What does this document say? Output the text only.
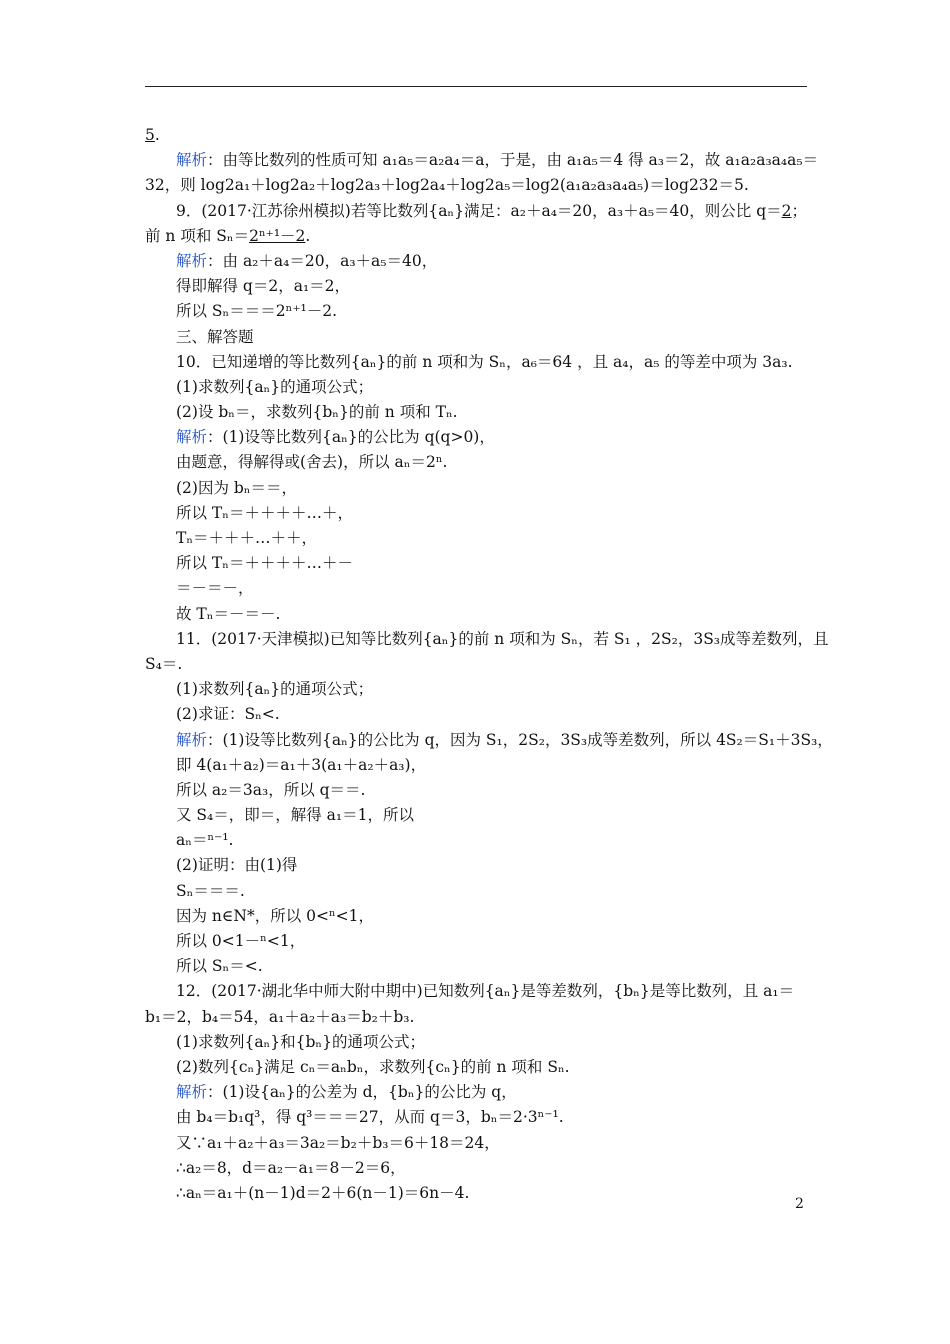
5.
解析：由等比数列的性质可知 a₁a₅＝a₂a₄＝a，于是，由 a₁a₅＝4 得 a₃＝2，故 a₁a₂a₃a₄a₅＝
32，则 log2a₁＋log2a₂＋log2a₃＋log2a₄＋log2a₅＝log2(a₁a₂a₃a₄a₅)＝log232＝5.
9．(2017·江苏徐州模拟)若等比数列{aₙ}满足：a₂＋a₄＝20，a₃＋a₅＝40，则公比 q＝2；
前 n 项和 Sₙ＝2ⁿ⁺¹－2.
解析：由 a₂＋a₄＝20，a₃＋a₅＝40，
得即解得 q＝2，a₁＝2，
所以 Sₙ＝＝＝2ⁿ⁺¹－2.
三、解答题
10．已知递增的等比数列{aₙ}的前 n 项和为 Sₙ，a₆＝64 ，且 a₄，a₅ 的等差中项为 3a₃.
(1)求数列{aₙ}的通项公式；
(2)设 bₙ＝，求数列{bₙ}的前 n 项和 Tₙ.
解析：(1)设等比数列{aₙ}的公比为 q(q>0)，
由题意，得解得或(舍去)，所以 aₙ＝2ⁿ.
(2)因为 bₙ＝＝，
所以 Tₙ＝＋＋＋＋…＋，
Tₙ＝＋＋＋…＋＋，
所以 Tₙ＝＋＋＋＋…＋－
＝－＝－，
故 Tₙ＝－＝－.
11．(2017·天津模拟)已知等比数列{aₙ}的前 n 项和为 Sₙ，若 S₁ ，2S₂，3S₃成等差数列，且
S₄＝.
(1)求数列{aₙ}的通项公式；
(2)求证：Sₙ<.
解析：(1)设等比数列{aₙ}的公比为 q，因为 S₁，2S₂，3S₃成等差数列，所以 4S₂＝S₁＋3S₃，
即 4(a₁＋a₂)＝a₁＋3(a₁＋a₂＋a₃)，
所以 a₂＝3a₃，所以 q＝＝.
又 S₄＝，即＝，解得 a₁＝1，所以
aₙ＝ⁿ⁻¹.
(2)证明：由(1)得
Sₙ＝＝＝.
因为 n∈N*，所以 0<ⁿ<1，
所以 0<1－ⁿ<1，
所以 Sₙ＝<.
12．(2017·湖北华中师大附中期中)已知数列{aₙ}是等差数列，{bₙ}是等比数列，且 a₁＝
b₁＝2，b₄＝54，a₁＋a₂＋a₃＝b₂＋b₃.
(1)求数列{aₙ}和{bₙ}的通项公式；
(2)数列{cₙ}满足 cₙ＝aₙbₙ，求数列{cₙ}的前 n 项和 Sₙ.
解析：(1)设{aₙ}的公差为 d，{bₙ}的公比为 q，
由 b₄＝b₁q³，得 q³＝＝＝27，从而 q＝3，bₙ＝2·3ⁿ⁻¹.
又∵a₁＋a₂＋a₃＝3a₂＝b₂＋b₃＝6＋18＝24，
∴a₂＝8，d＝a₂－a₁＝8－2＝6，
∴aₙ＝a₁＋(n－1)d＝2＋6(n－1)＝6n－4.
2
